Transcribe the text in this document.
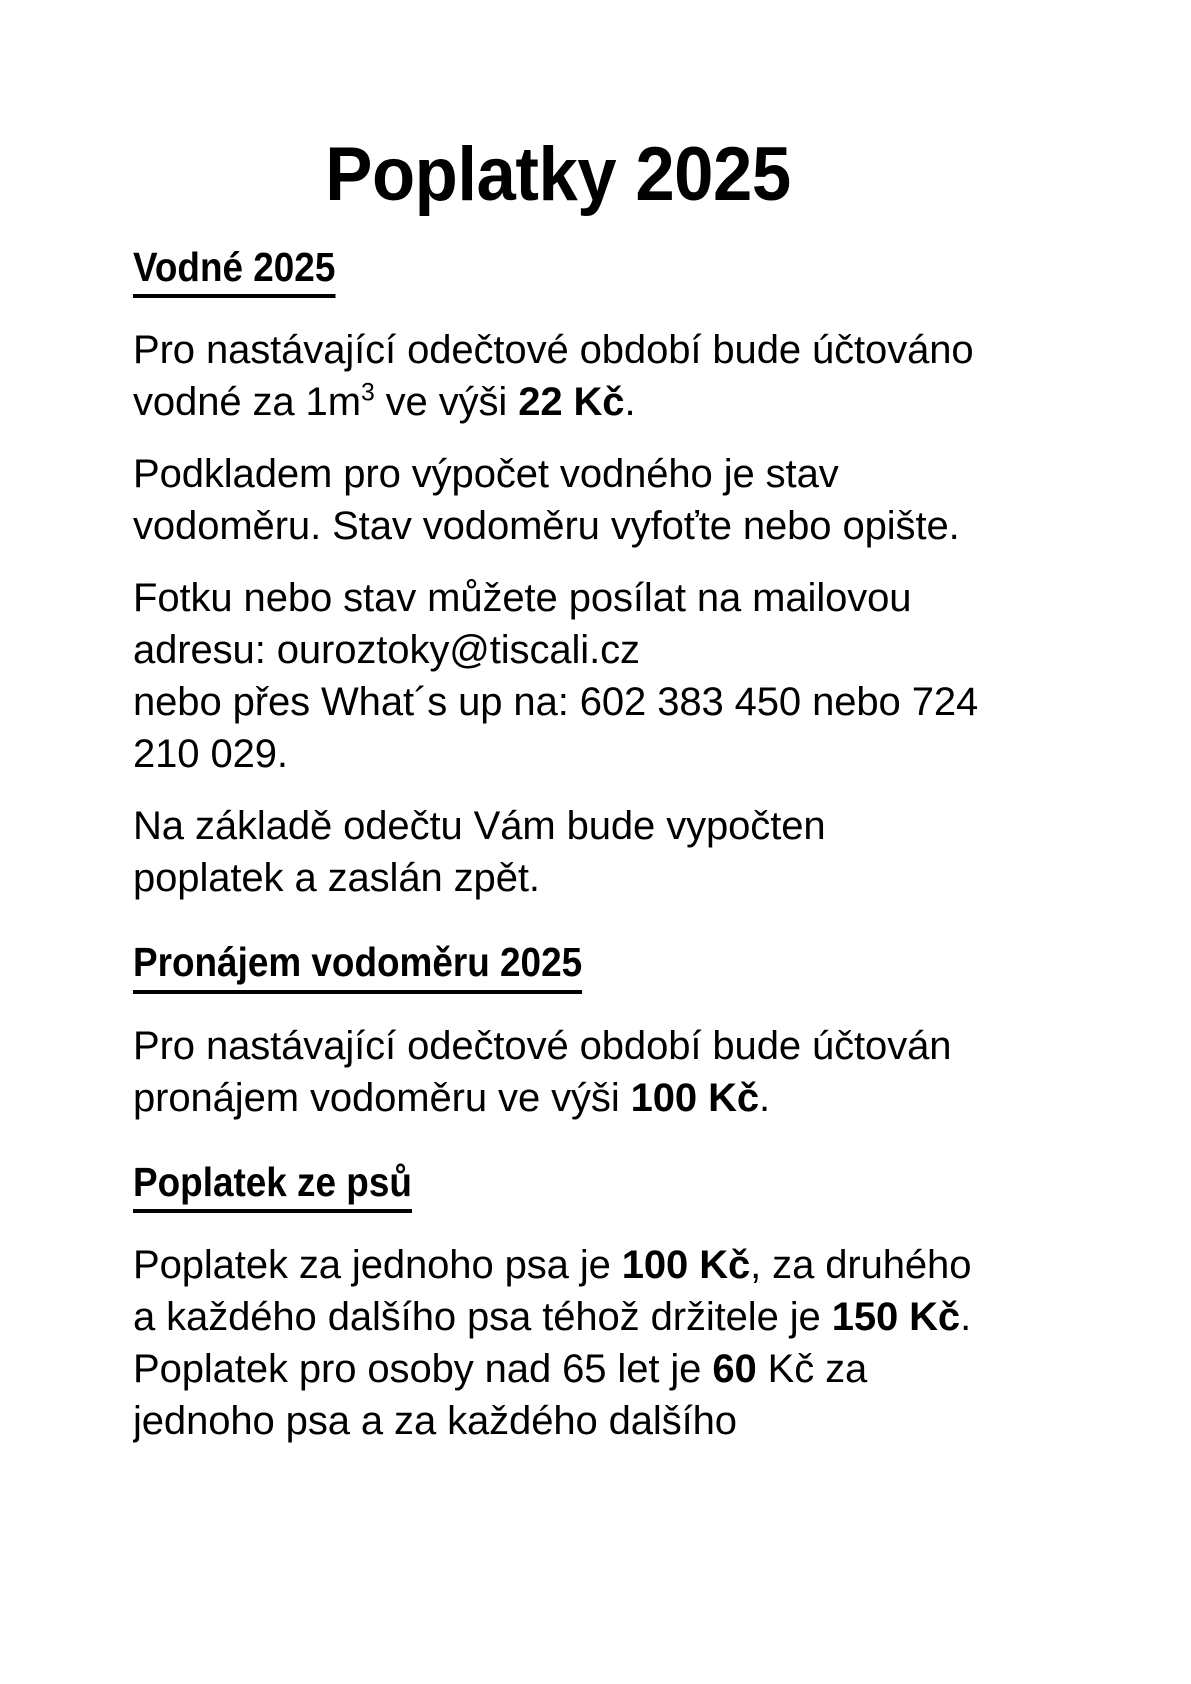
Poplatky 2025
Vodné 2025

Pro nastávající odečtové období bude účtováno vodné za $1m^3$ ve výši 22 Kč.

Podkladem pro výpočet vodného je stav vodoměru. Stav vodoměru vyfoťte nebo opište.

Fotku nebo stav můžete posílat na mailovou adresu: ouroztoky@tiscali.cz
nebo přes What´s up na: 602 383 450 nebo 724 210 029.

Na základě odečtu Vám bude vypočten poplatek a zaslán zpět.

Pronájem vodoměru 2025

Pro nastávající odečtové období bude účtován pronájem vodoměru ve výši 100 Kč.

Poplatek ze psů

Poplatek za jednoho psa je 100 Kč, za druhého a každého dalšího psa téhož držitele je 150 Kč. Poplatek pro osoby nad 65 let je 60 Kč za jednoho psa a za každého dalšího
